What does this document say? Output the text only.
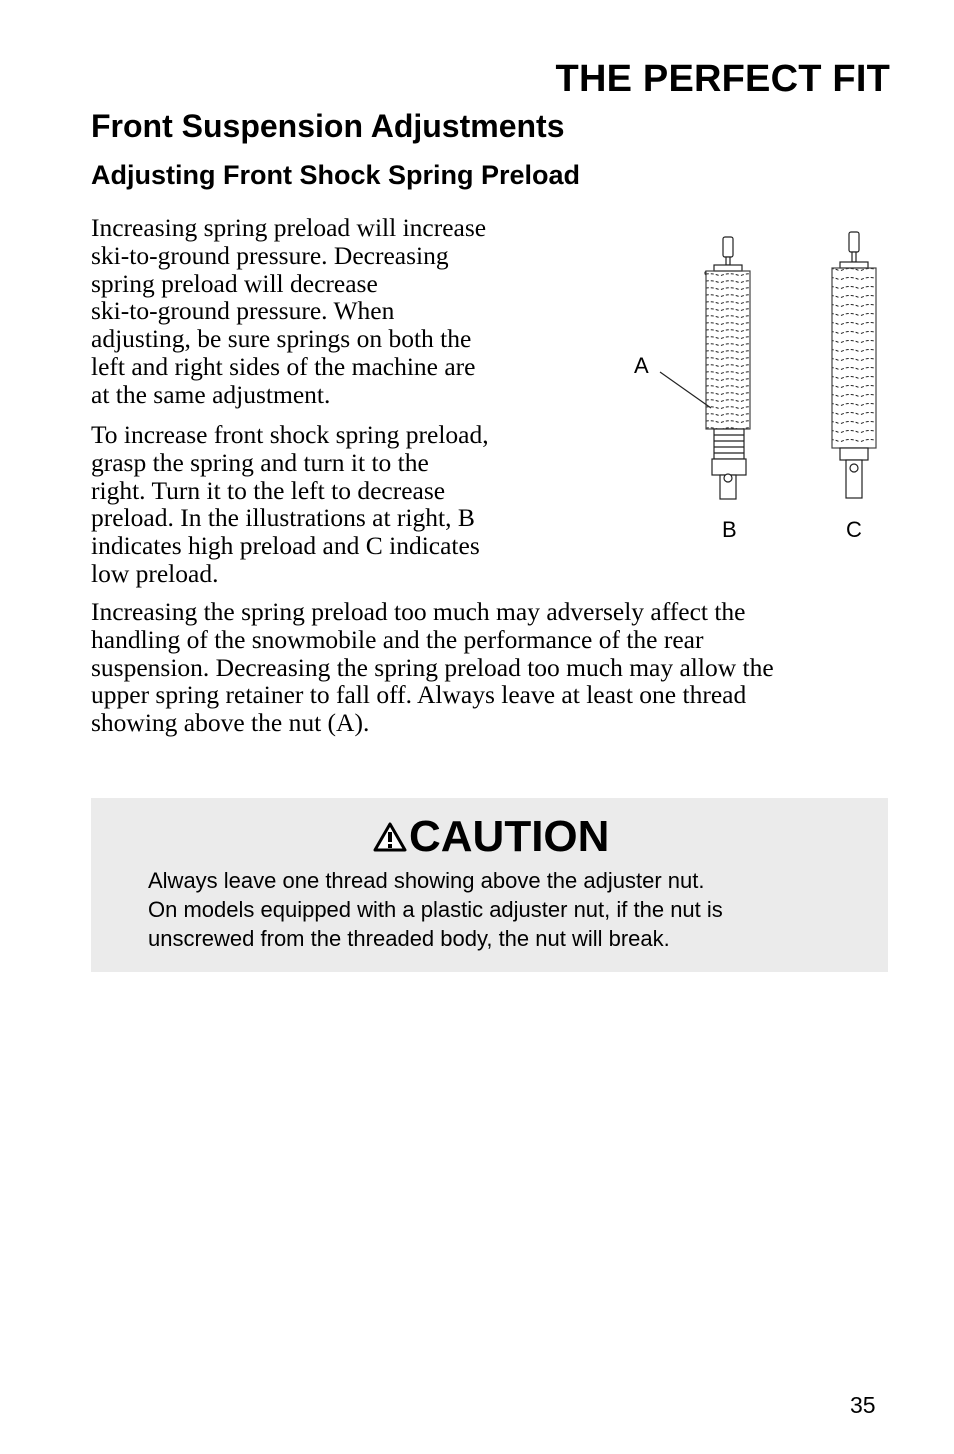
THE PERFECT FIT
Front Suspension Adjustments
Adjusting Front Shock Spring Preload

Increasing spring preload will increase
ski-to-ground pressure. Decreasing
spring preload will decrease
ski-to-ground pressure. When
adjusting, be sure springs on both the
left and right sides of the machine are
at the same adjustment.

To increase front shock spring preload,
grasp the spring and turn it to the
right. Turn it to the left to decrease
preload. In the illustrations at right, B
indicates high preload and C indicates
low preload.

A
B	C

Increasing the spring preload too much may adversely affect the
handling of the snowmobile and the performance of the rear
suspension. Decreasing the spring preload too much may allow the
upper spring retainer to fall off. Always leave at least one thread
showing above the nut (A).

CAUTION

Always leave one thread showing above the adjuster nut.
On models equipped with a plastic adjuster nut, if the nut is
unscrewed from the threaded body, the nut will break.

35
